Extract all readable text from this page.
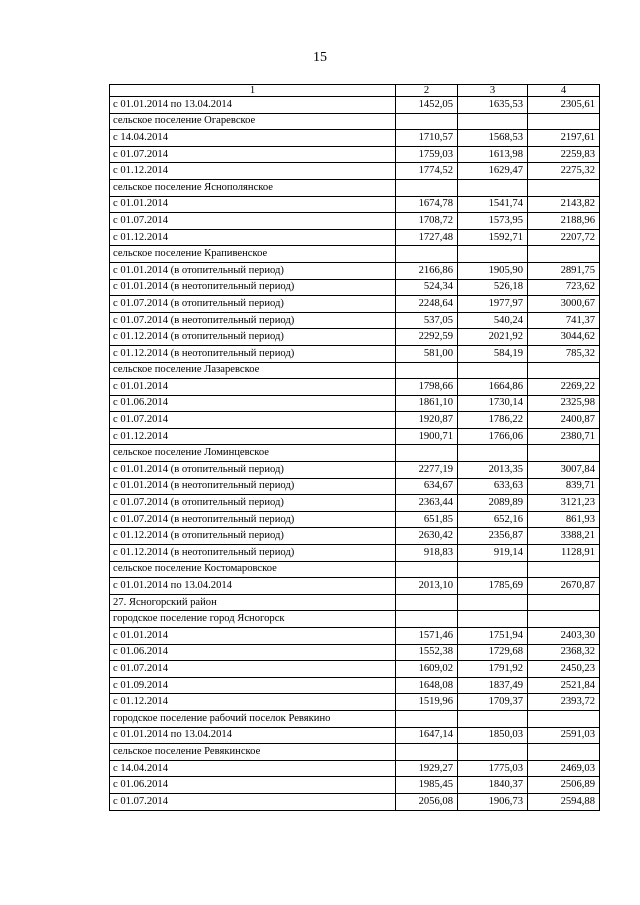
15
1	2	3	4
с 01.01.2014 по 13.04.2014	1452,05	1635,53	2305,61
сельское поселение Огаревское			
с 14.04.2014	1710,57	1568,53	2197,61
с 01.07.2014	1759,03	1613,98	2259,83
с 01.12.2014	1774,52	1629,47	2275,32
сельское поселение Яснополянское			
с 01.01.2014	1674,78	1541,74	2143,82
с 01.07.2014	1708,72	1573,95	2188,96
с 01.12.2014	1727,48	1592,71	2207,72
сельское поселение Крапивенское			
с 01.01.2014 (в отопительный период)	2166,86	1905,90	2891,75
с 01.01.2014 (в неотопительный период)	524,34	526,18	723,62
с 01.07.2014 (в отопительный период)	2248,64	1977,97	3000,67
с 01.07.2014 (в неотопительный период)	537,05	540,24	741,37
с 01.12.2014 (в отопительный период)	2292,59	2021,92	3044,62
с 01.12.2014 (в неотопительный период)	581,00	584,19	785,32
сельское поселение Лазаревское			
с 01.01.2014	1798,66	1664,86	2269,22
с 01.06.2014	1861,10	1730,14	2325,98
с 01.07.2014	1920,87	1786,22	2400,87
с 01.12.2014	1900,71	1766,06	2380,71
сельское поселение Ломинцевское			
с 01.01.2014 (в отопительный период)	2277,19	2013,35	3007,84
с 01.01.2014 (в неотопительный период)	634,67	633,63	839,71
с 01.07.2014 (в отопительный период)	2363,44	2089,89	3121,23
с 01.07.2014 (в неотопительный период)	651,85	652,16	861,93
с 01.12.2014 (в отопительный период)	2630,42	2356,87	3388,21
с 01.12.2014 (в неотопительный период)	918,83	919,14	1128,91
сельское поселение Костомаровское			
с 01.01.2014 по 13.04.2014	2013,10	1785,69	2670,87
27. Ясногорский район			
городское поселение город Ясногорск			
с 01.01.2014	1571,46	1751,94	2403,30
с 01.06.2014	1552,38	1729,68	2368,32
с 01.07.2014	1609,02	1791,92	2450,23
с 01.09.2014	1648,08	1837,49	2521,84
с 01.12.2014	1519,96	1709,37	2393,72
городское поселение рабочий поселок Ревякино			
с 01.01.2014 по 13.04.2014	1647,14	1850,03	2591,03
сельское поселение Ревякинское			
с 14.04.2014	1929,27	1775,03	2469,03
с 01.06.2014	1985,45	1840,37	2506,89
с 01.07.2014	2056,08	1906,73	2594,88
